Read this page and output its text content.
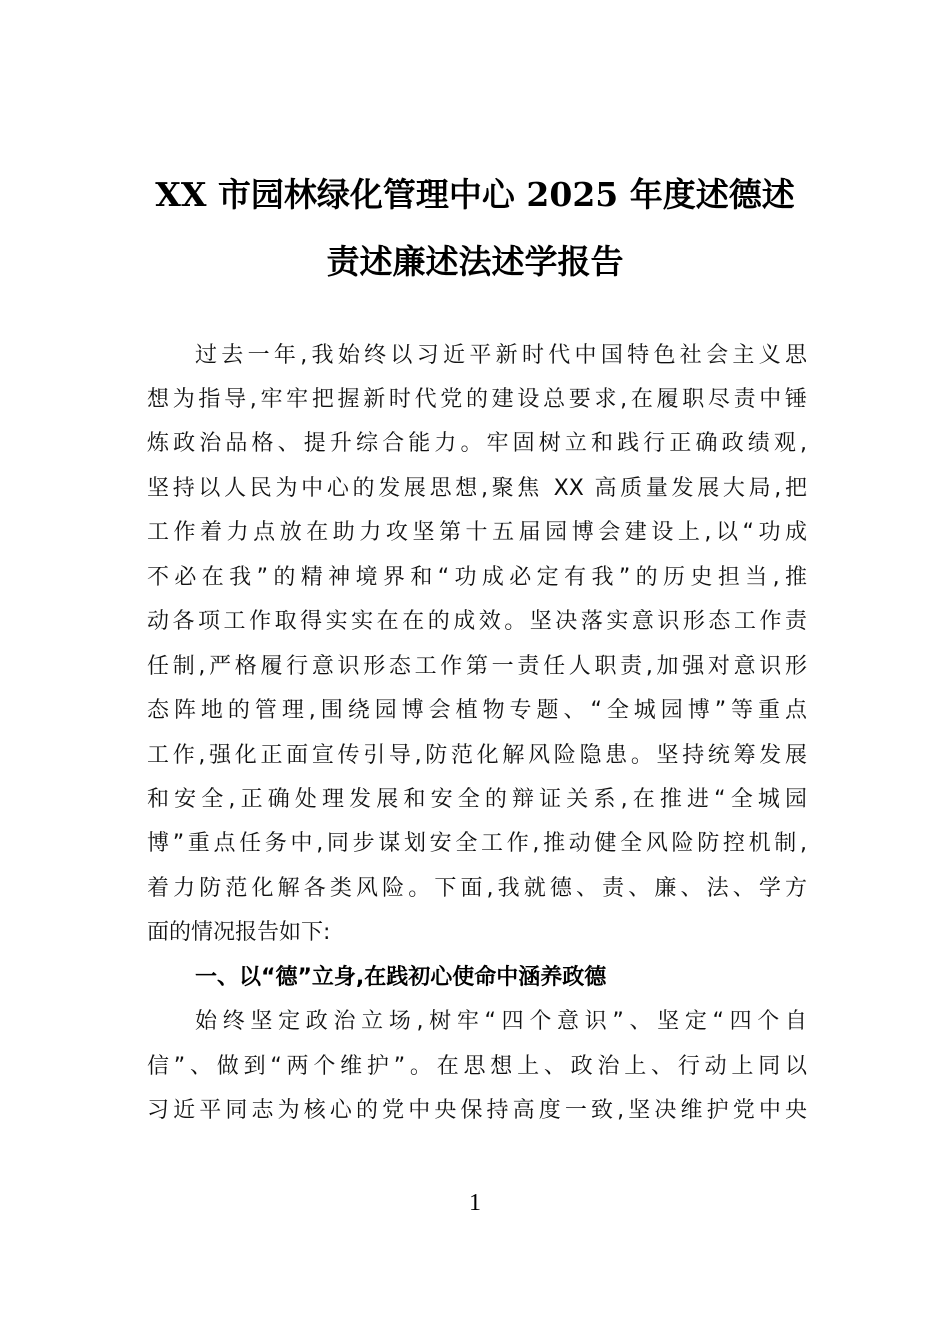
XX 市园林绿化管理中心 2025 年度述德述
责述廉述法述学报告
过去一年,我始终以习近平新时代中国特色社会主义思
想为指导,牢牢把握新时代党的建设总要求,在履职尽责中锤
炼政治品格、提升综合能力。牢固树立和践行正确政绩观,
坚持以人民为中心的发展思想,聚焦 XX 高质量发展大局,把
工作着力点放在助力攻坚第十五届园博会建设上,以“功成
不必在我”的精神境界和“功成必定有我”的历史担当,推
动各项工作取得实实在在的成效。坚决落实意识形态工作责
任制,严格履行意识形态工作第一责任人职责,加强对意识形
态阵地的管理,围绕园博会植物专题、“全城园博”等重点
工作,强化正面宣传引导,防范化解风险隐患。坚持统筹发展
和安全,正确处理发展和安全的辩证关系,在推进“全城园
博”重点任务中,同步谋划安全工作,推动健全风险防控机制,
着力防范化解各类风险。下面,我就德、责、廉、法、学方
面的情况报告如下:
一、以“德”立身,在践初心使命中涵养政德
始终坚定政治立场,树牢“四个意识”、坚定“四个自
信”、做到“两个维护”。在思想上、政治上、行动上同以
习近平同志为核心的党中央保持高度一致,坚决维护党中央
1
